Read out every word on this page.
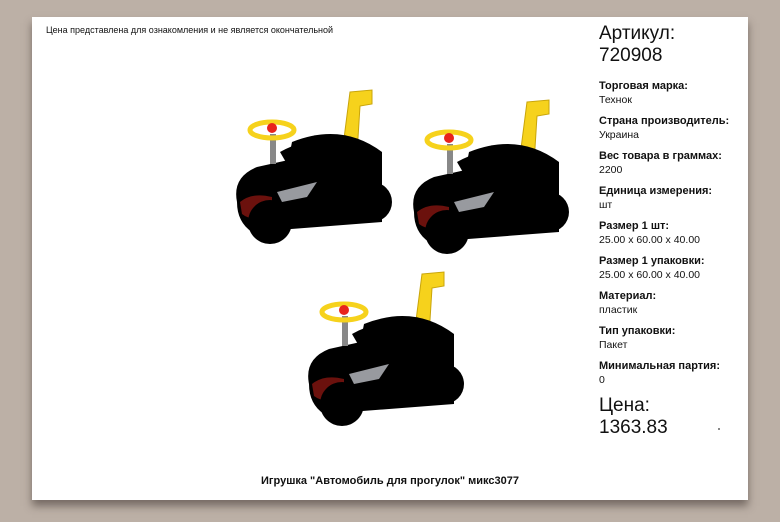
Цена представлена для ознакомления и не является окончательной	Артикул:
720908
Торговая марка:
Технок
Страна производитель:
Украина
Вес товара в граммах:
2200
Единица измерения:
шт
Размер 1 шт:
25.00 x 60.00 x 40.00
Размер 1 упаковки:
25.00 x 60.00 x 40.00
Материал:
пластик
Тип упаковки:
Пакет
Минимальная партия:
0
Цена:
1363.83
Игрушка "Автомобиль для прогулок" микс3077
